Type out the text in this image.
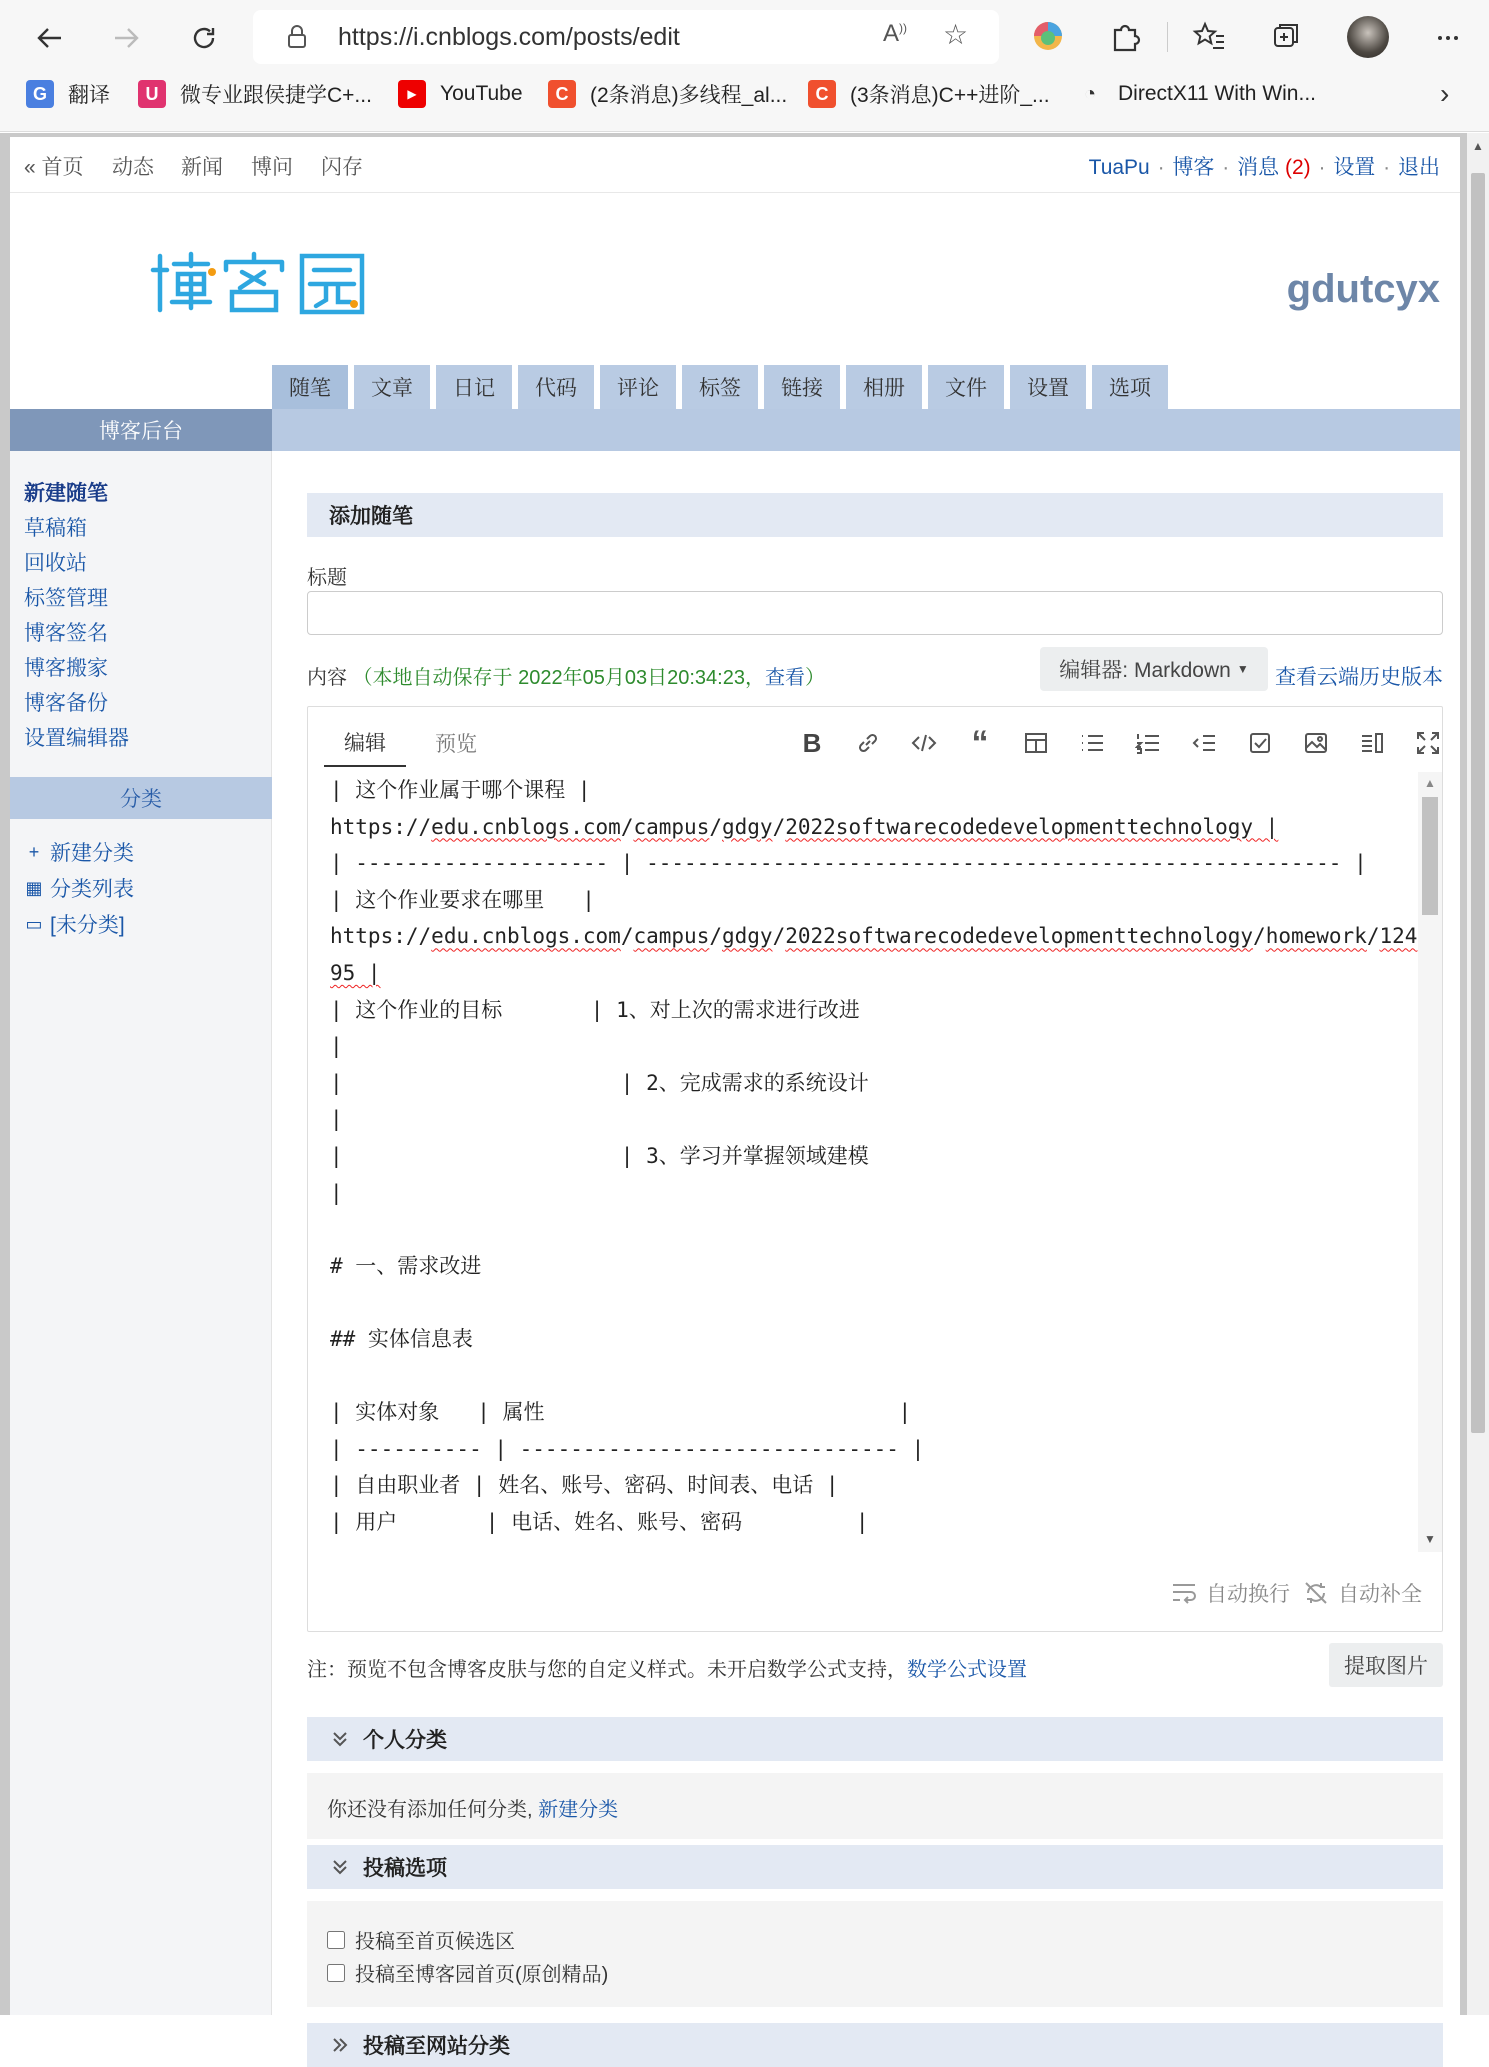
https://i.cnblogs.com/posts/edit	A)) ☆
G	翻译	U	微专业跟侯捷学C+...	▶	YouTube	C	(2条消息)多线程_al...	C	(3条消息)C++进阶_...	◔	DirectX11 With Win...	›
« 首页 动态 新闻 博问 闪存	TuaPu · 博客 · 消息 (2) · 设置 · 退出
gdutcyx
随笔	文章	日记	代码	评论	标签	链接	相册	文件	设置	选项
博客后台
新建随笔
草稿箱
回收站
标签管理
博客签名
博客搬家
博客备份
设置编辑器
分类
+ 新建分类
▦ 分类列表
▭ [未分类]
添加随笔
标题
内容 （本地自动保存于 2022年05月03日20:34:23，查看）	编辑器: Markdown ▼ 查看云端历史版本
编辑	预览	B	“
| 这个作业属于哪个课程 |
https://edu.cnblogs.com/campus/gdgy/2022softwarecodedevelopmenttechnology |
| -------------------- | ------------------------------------------------------- |
| 这个作业要求在哪里   |
https://edu.cnblogs.com/campus/gdgy/2022softwarecodedevelopmenttechnology/homework/12495 |
| 这个作业的目标       | 1、对上次的需求进行改进
|
|                      | 2、完成需求的系统设计
|
|                      | 3、学习并掌握领域建模
|

# 一、需求改进

## 实体信息表

| 实体对象   | 属性                            |
| ---------- | ------------------------------ |
| 自由职业者 | 姓名、账号、密码、时间表、电话 |
| 用户       | 电话、姓名、账号、密码         |
▲
▼
自动换行 自动补全
注：预览不包含博客皮肤与您的自定义样式。未开启数学公式支持，数学公式设置	提取图片
个人分类
你还没有添加任何分类, 新建分类
投稿选项
投稿至首页候选区
投稿至博客园首页(原创精品)
投稿至网站分类
▲
